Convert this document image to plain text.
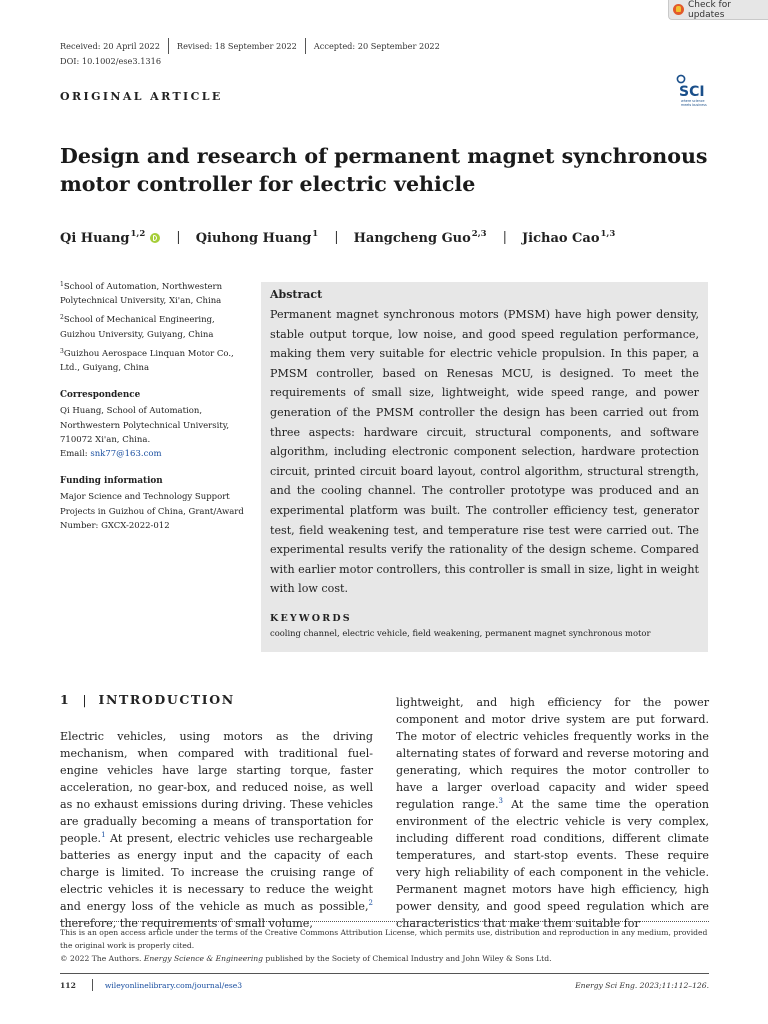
Check for updates
Received: 20 April 2022 Revised: 18 September 2022 Accepted: 20 September 2022
DOI: 10.1002/ese3.1316
ORIGINAL ARTICLE	SCI
where science
meets business
Design and research of permanent magnet synchronous motor controller for electric vehicle
Qi Huang$^{1,2}$ | Qiuhong Huang$^1$ | Hangcheng Guo$^{2,3}$ | Jichao Cao$^{1,3}$

$^1$School of Automation, Northwestern Polytechnical University, Xi'an, China

$^2$School of Mechanical Engineering, Guizhou University, Guiyang, China

$^3$Guizhou Aerospace Linquan Motor Co., Ltd., Guiyang, China

Correspondence

Qi Huang, School of Automation, Northwestern Polytechnical University, 710072 Xi'an, China.

Email: snk77@163.com

Funding information

Major Science and Technology Support Projects in Guizhou of China, Grant/Award Number: GXCX-2022-012

Abstract

Permanent magnet synchronous motors (PMSM) have high power density, stable output torque, low noise, and good speed regulation performance, making them very suitable for electric vehicle propulsion. In this paper, a PMSM controller, based on Renesas MCU, is designed. To meet the requirements of small size, lightweight, wide speed range, and power generation of the PMSM controller the design has been carried out from three aspects: hardware circuit, structural components, and software algorithm, including electronic component selection, hardware protection circuit, printed circuit board layout, control algorithm, structural strength, and the cooling channel. The controller prototype was produced and an experimental platform was built. The controller efficiency test, generator test, field weakening test, and temperature rise test were carried out. The experimental results verify the rationality of the design scheme. Compared with earlier motor controllers, this controller is small in size, light in weight with low cost.

KEYWORDS

cooling channel, electric vehicle, field weakening, permanent magnet synchronous motor

1 | INTRODUCTION

Electric vehicles, using motors as the driving mechanism, when compared with traditional fuel-engine vehicles have large starting torque, faster acceleration, no gear-box, and reduced noise, as well as no exhaust emissions during driving. These vehicles are gradually becoming a means of transportation for people.$^1$ At present, electric vehicles use rechargeable batteries as energy input and the capacity of each charge is limited. To increase the cruising range of electric vehicles it is necessary to reduce the weight and energy loss of the vehicle as much as possible,$^2$ therefore, the requirements of small volume,

lightweight, and high efficiency for the power component and motor drive system are put forward. The motor of electric vehicles frequently works in the alternating states of forward and reverse motoring and generating, which requires the motor controller to have a larger overload capacity and wider speed regulation range.$^3$ At the same time the operation environment of the electric vehicle is very complex, including different road conditions, different climate temperatures, and start-stop events. These require very high reliability of each component in the vehicle. Permanent magnet motors have high efficiency, high power density, and good speed regulation which are characteristics that make them suitable for

This is an open access article under the terms of the Creative Commons Attribution License, which permits use, distribution and reproduction in any medium, provided the original work is properly cited.

© 2022 The Authors. Energy Science & Engineering published by the Society of Chemical Industry and John Wiley & Sons Ltd.

112	wileyonlinelibrary.com/journal/ese3	Energy Sci Eng. 2023;11:112–126.
